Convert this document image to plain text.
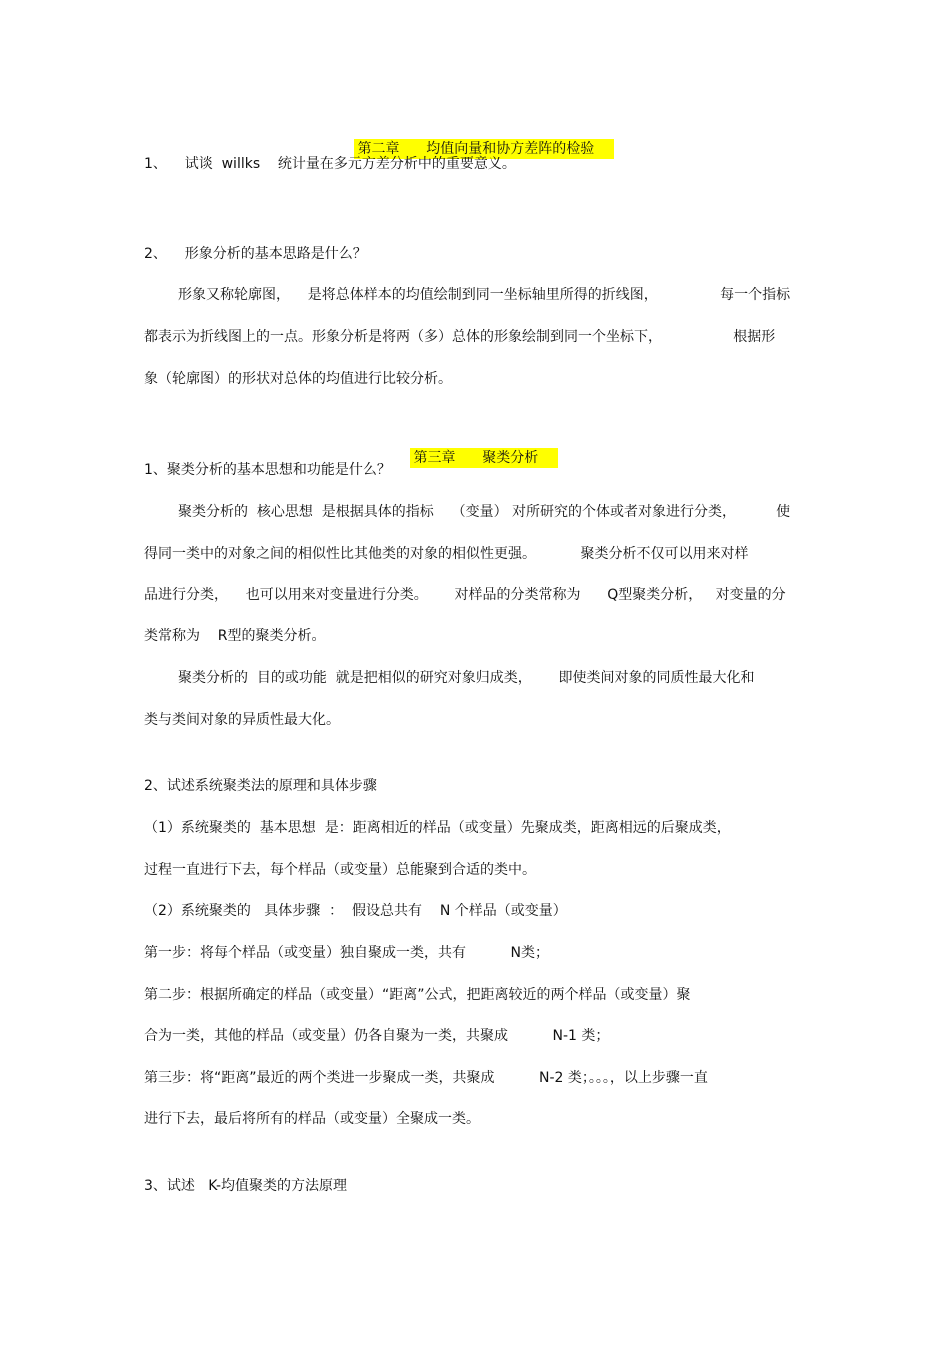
第二章      均值向量和协方差阵的检验

1、    试谈  willks    统计量在多元方差分析中的重要意义。
2、    形象分析的基本思路是什么？
形象又称轮廓图，    是将总体样本的均值绘制到同一坐标轴里所得的折线图，              每一个指标
都表示为折线图上的一点。形象分析是将两（多）总体的形象绘制到同一个坐标下，                根据形
象（轮廓图）的形状对总体的均值进行比较分析。

第三章      聚类分析

1、聚类分析的基本思想和功能是什么？
聚类分析的  核心思想  是根据具体的指标    （变量） 对所研究的个体或者对象进行分类，         使
得同一类中的对象之间的相似性比其他类的对象的相似性更强。          聚类分析不仅可以用来对样
品进行分类，    也可以用来对变量进行分类。      对样品的分类常称为      Q型聚类分析，   对变量的分
类常称为    R型的聚类分析。
聚类分析的  目的或功能  就是把相似的研究对象归成类，      即使类间对象的同质性最大化和
类与类间对象的异质性最大化。
2、试述系统聚类法的原理和具体步骤
（1）系统聚类的  基本思想  是：距离相近的样品（或变量）先聚成类，距离相远的后聚成类，
过程一直进行下去，每个样品（或变量）总能聚到合适的类中。
（2）系统聚类的   具体步骤  ：  假设总共有    N 个样品（或变量）
第一步：将每个样品（或变量）独自聚成一类，共有          N类；
第二步：根据所确定的样品（或变量）“距离”公式，把距离较近的两个样品（或变量）聚
合为一类，其他的样品（或变量）仍各自聚为一类，共聚成          N-1 类；
第三步：将“距离”最近的两个类进一步聚成一类，共聚成          N-2 类；。。。，以上步骤一直
进行下去，最后将所有的样品（或变量）全聚成一类。
3、试述   K-均值聚类的方法原理
